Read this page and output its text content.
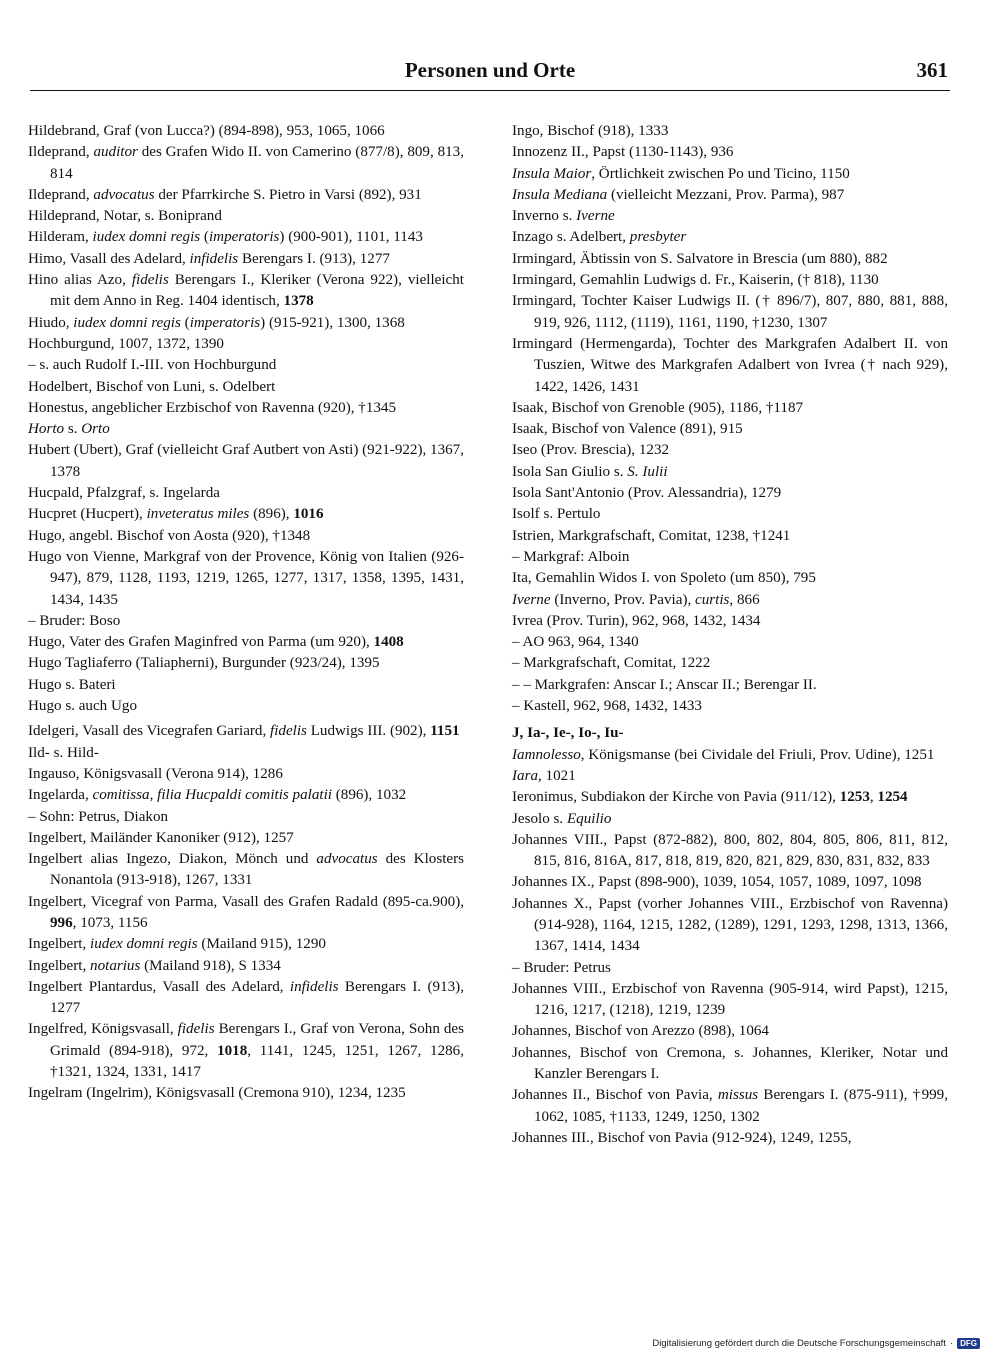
Personen und Orte	361

Hildebrand, Graf (von Lucca?) (894-898), 953, 1065, 1066

Ildeprand, auditor des Grafen Wido II. von Camerino (877/8), 809, 813, 814

Ildeprand, advocatus der Pfarrkirche S. Pietro in Varsi (892), 931

Hildeprand, Notar, s. Boniprand

Hilderam, iudex domni regis (imperatoris) (900-901), 1101, 1143

Himo, Vasall des Adelard, infidelis Berengars I. (913), 1277

Hino alias Azo, fidelis Berengars I., Kleriker (Verona 922), vielleicht mit dem Anno in Reg. 1404 identisch, 1378

Hiudo, iudex domni regis (imperatoris) (915-921), 1300, 1368

Hochburgund, 1007, 1372, 1390

– s. auch Rudolf I.-III. von Hochburgund

Hodelbert, Bischof von Luni, s. Odelbert

Honestus, angeblicher Erzbischof von Ravenna (920), †1345

Horto s. Orto

Hubert (Ubert), Graf (vielleicht Graf Autbert von Asti) (921-922), 1367, 1378

Hucpald, Pfalzgraf, s. Ingelarda

Hucpret (Hucpert), inveteratus miles (896), 1016

Hugo, angebl. Bischof von Aosta (920), †1348

Hugo von Vienne, Markgraf von der Provence, König von Italien (926-947), 879, 1128, 1193, 1219, 1265, 1277, 1317, 1358, 1395, 1431, 1434, 1435

– Bruder: Boso

Hugo, Vater des Grafen Maginfred von Parma (um 920), 1408

Hugo Tagliaferro (Taliapherni), Burgunder (923/24), 1395

Hugo s. Bateri

Hugo s. auch Ugo

Idelgeri, Vasall des Vicegrafen Gariard, fidelis Ludwigs III. (902), 1151

Ild- s. Hild-

Ingauso, Königsvasall (Verona 914), 1286

Ingelarda, comitissa, filia Hucpaldi comitis palatii (896), 1032

– Sohn: Petrus, Diakon

Ingelbert, Mailänder Kanoniker (912), 1257

Ingelbert alias Ingezo, Diakon, Mönch und advocatus des Klosters Nonantola (913-918), 1267, 1331

Ingelbert, Vicegraf von Parma, Vasall des Grafen Radald (895-ca.900), 996, 1073, 1156

Ingelbert, iudex domni regis (Mailand 915), 1290

Ingelbert, notarius (Mailand 918), S 1334

Ingelbert Plantardus, Vasall des Adelard, infidelis Berengars I. (913), 1277

Ingelfred, Königsvasall, fidelis Berengars I., Graf von Verona, Sohn des Grimald (894-918), 972, 1018, 1141, 1245, 1251, 1267, 1286, †1321, 1324, 1331, 1417

Ingelram (Ingelrim), Königsvasall (Cremona 910), 1234, 1235

Ingo, Bischof (918), 1333

Innozenz II., Papst (1130-1143), 936

Insula Maior, Örtlichkeit zwischen Po und Ticino, 1150

Insula Mediana (vielleicht Mezzani, Prov. Parma), 987

Inverno s. Iverne

Inzago s. Adelbert, presbyter

Irmingard, Äbtissin von S. Salvatore in Brescia (um 880), 882

Irmingard, Gemahlin Ludwigs d. Fr., Kaiserin, († 818), 1130

Irmingard, Tochter Kaiser Ludwigs II. († 896/7), 807, 880, 881, 888, 919, 926, 1112, (1119), 1161, 1190, †1230, 1307

Irmingard (Hermengarda), Tochter des Markgrafen Adalbert II. von Tuszien, Witwe des Markgrafen Adalbert von Ivrea († nach 929), 1422, 1426, 1431

Isaak, Bischof von Grenoble (905), 1186, †1187

Isaak, Bischof von Valence (891), 915

Iseo (Prov. Brescia), 1232

Isola San Giulio s. S. Iulii

Isola Sant'Antonio (Prov. Alessandria), 1279

Isolf s. Pertulo

Istrien, Markgrafschaft, Comitat, 1238, †1241

– Markgraf: Alboin

Ita, Gemahlin Widos I. von Spoleto (um 850), 795

Iverne (Inverno, Prov. Pavia), curtis, 866

Ivrea (Prov. Turin), 962, 968, 1432, 1434

– AO 963, 964, 1340

– Markgrafschaft, Comitat, 1222

– – Markgrafen: Anscar I.; Anscar II.; Berengar II.

– Kastell, 962, 968, 1432, 1433

J, Ia-, Ie-, Io-, Iu-

Iamnolesso, Königsmanse (bei Cividale del Friuli, Prov. Udine), 1251

Iara, 1021

Ieronimus, Subdiakon der Kirche von Pavia (911/12), 1253, 1254

Jesolo s. Equilio

Johannes VIII., Papst (872-882), 800, 802, 804, 805, 806, 811, 812, 815, 816, 816A, 817, 818, 819, 820, 821, 829, 830, 831, 832, 833

Johannes IX., Papst (898-900), 1039, 1054, 1057, 1089, 1097, 1098

Johannes X., Papst (vorher Johannes VIII., Erzbischof von Ravenna) (914-928), 1164, 1215, 1282, (1289), 1291, 1293, 1298, 1313, 1366, 1367, 1414, 1434

– Bruder: Petrus

Johannes VIII., Erzbischof von Ravenna (905-914, wird Papst), 1215, 1216, 1217, (1218), 1219, 1239

Johannes, Bischof von Arezzo (898), 1064

Johannes, Bischof von Cremona, s. Johannes, Kleriker, Notar und Kanzler Berengars I.

Johannes II., Bischof von Pavia, missus Berengars I. (875-911), †999, 1062, 1085, †1133, 1249, 1250, 1302

Johannes III., Bischof von Pavia (912-924), 1249, 1255,

Digitalisierung gefördert durch die Deutsche Forschungsgemeinschaft · DFG
